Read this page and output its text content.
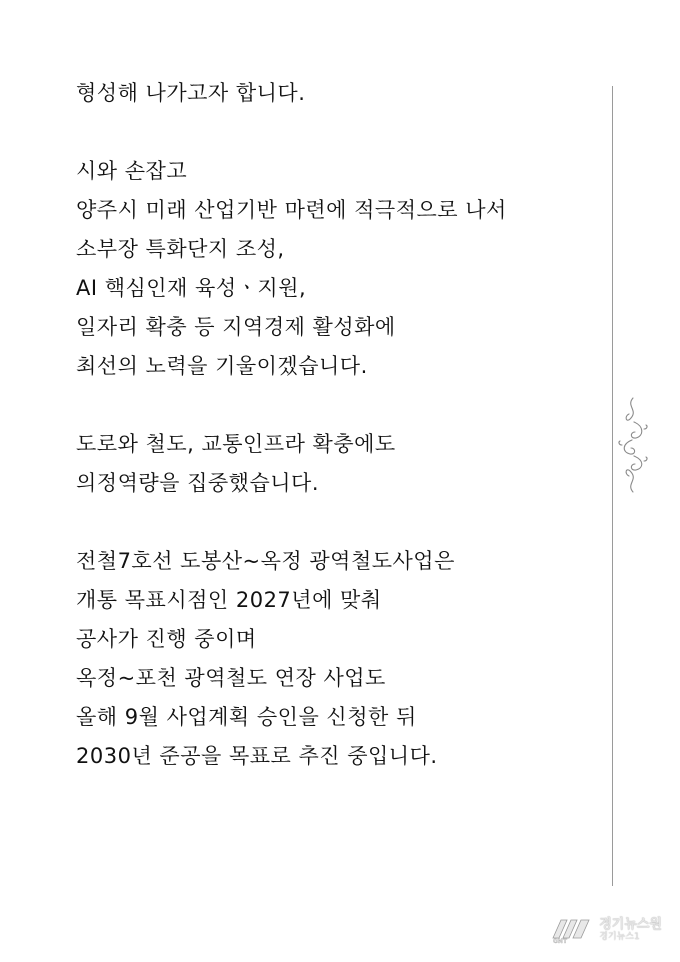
형성해 나가고자 합니다.
시와 손잡고
양주시 미래 산업기반 마련에 적극적으로 나서
소부장 특화단지 조성,
AI 핵심인재 육성ㆍ지원,
일자리 확충 등 지역경제 활성화에
최선의 노력을 기울이겠습니다.
도로와 철도, 교통인프라 확충에도
의정역량을 집중했습니다.
전철7호선 도봉산~옥정 광역철도사업은
개통 목표시점인 2027년에 맞춰
공사가 진행 중이며
옥정~포천 광역철도 연장 사업도
올해 9월 사업계획 승인을 신청한 뒤
2030년 준공을 목표로 추진 중입니다.
GNT
경기뉴스원
경기뉴스1
